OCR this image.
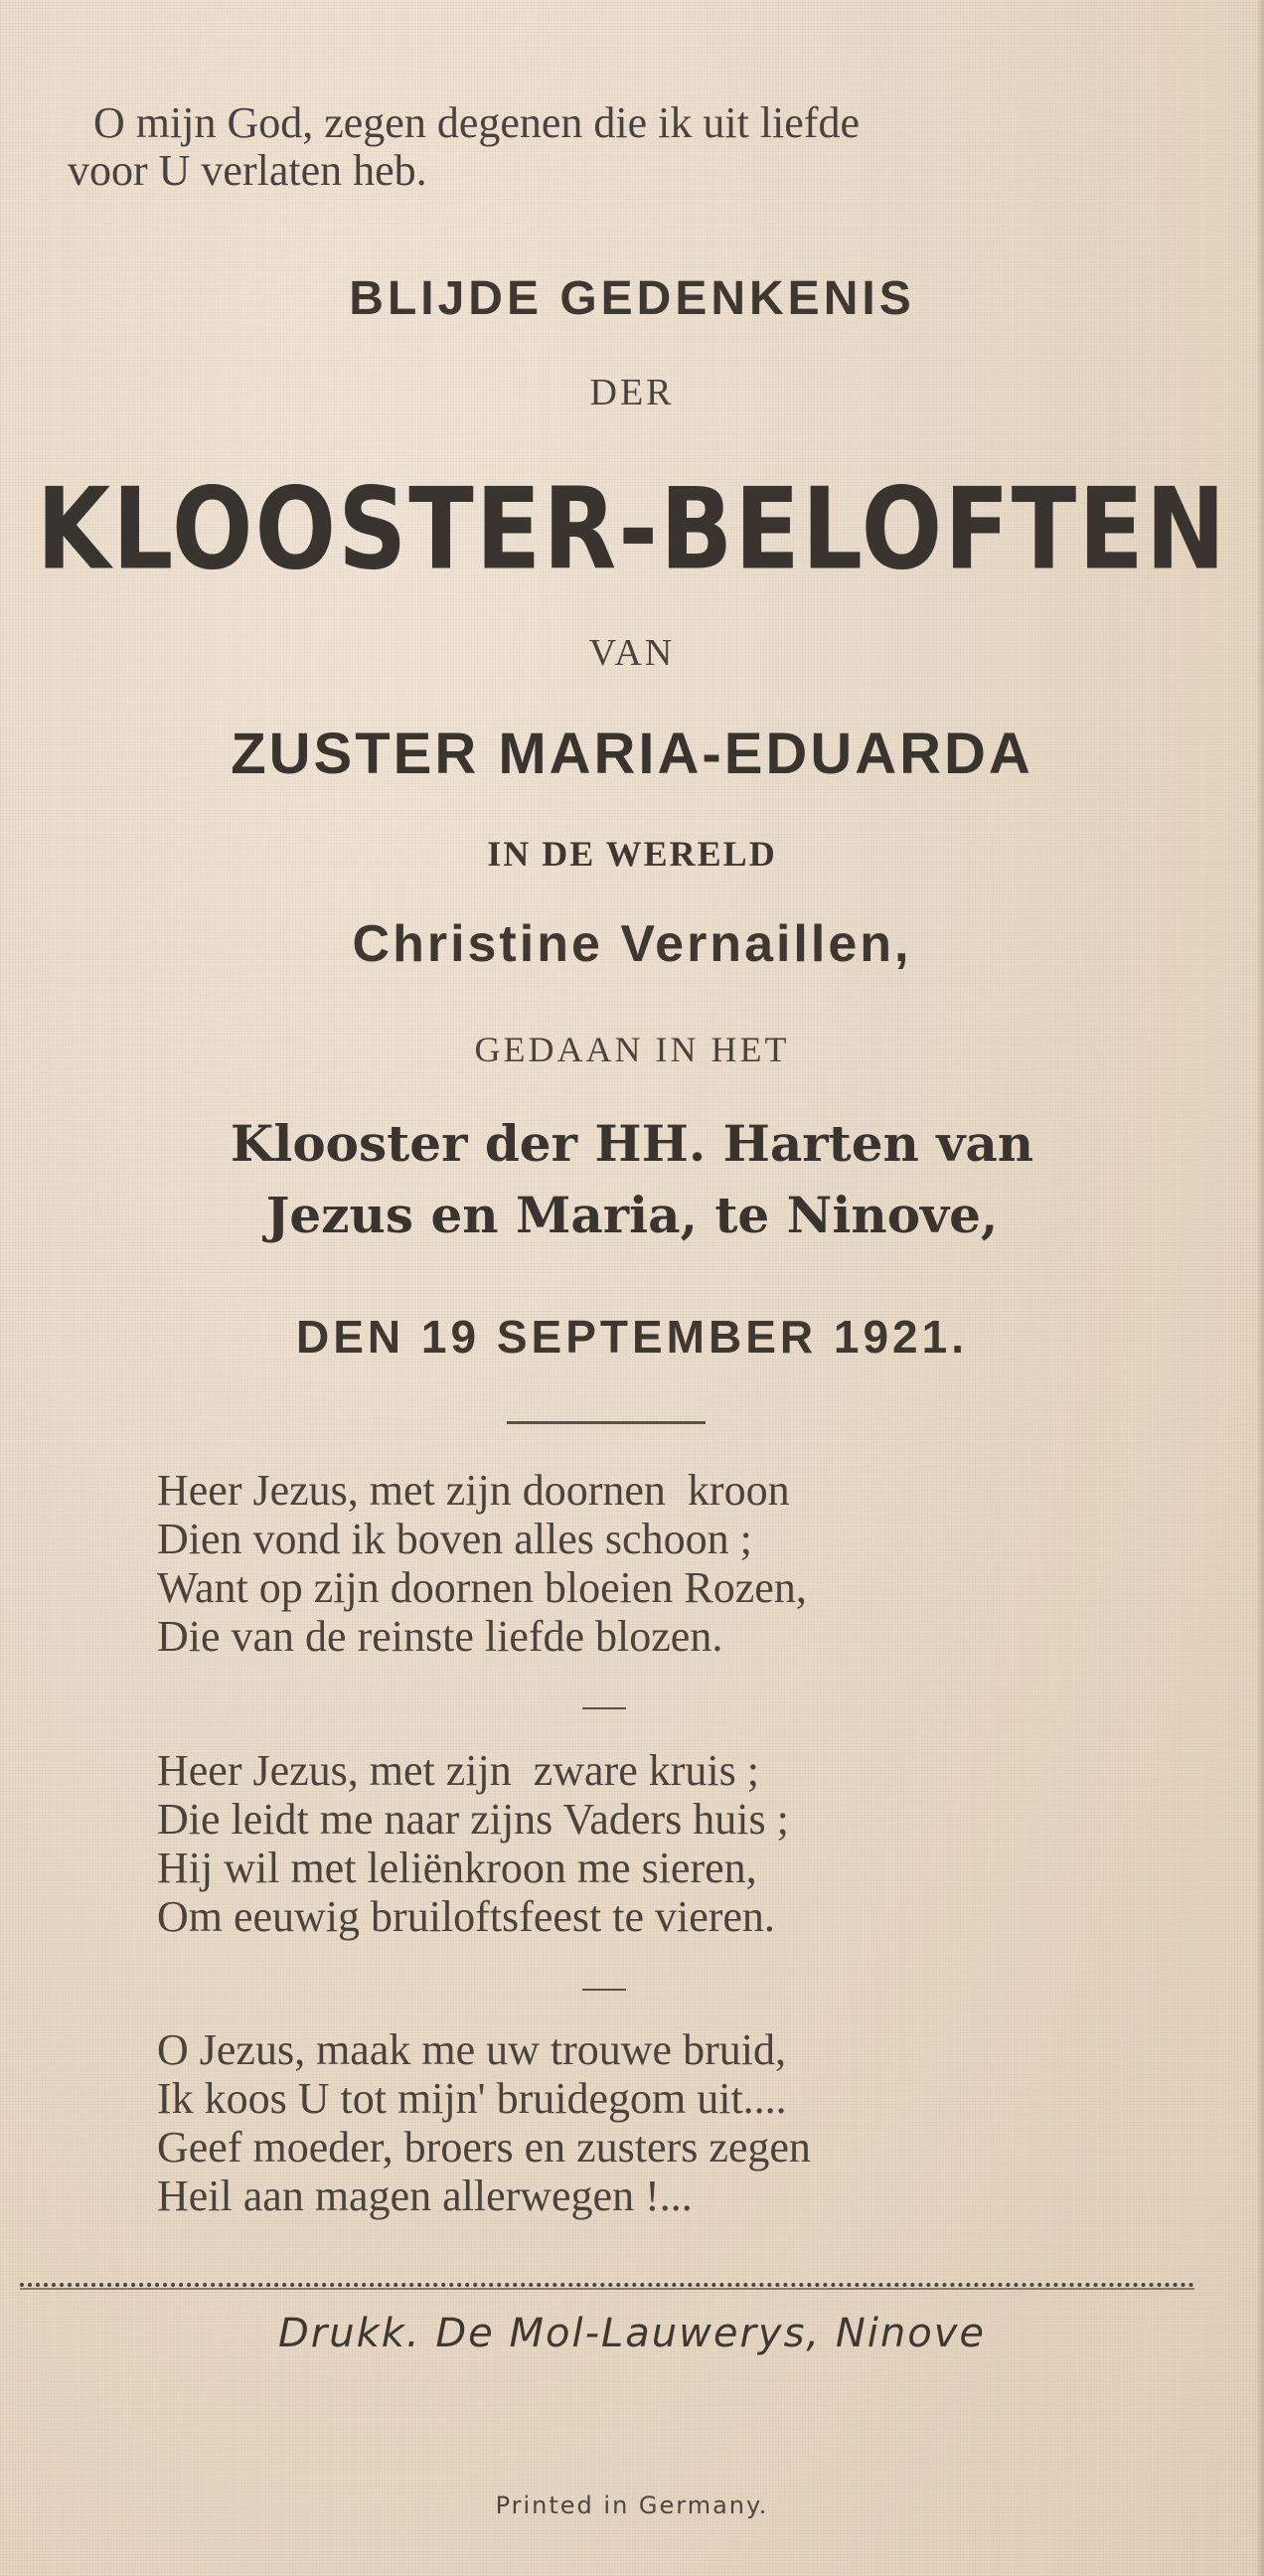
O mijn God, zegen degenen die ik uit liefde
voor U verlaten heb.

BLIJDE GEDENKENIS
DER
KLOOSTER-BELOFTEN
VAN
ZUSTER MARIA-EDUARDA
IN DE WERELD
Christine Vernaillen,
GEDAAN IN HET
Klooster der HH. Harten van
Jezus en Maria, te Ninove,
DEN 19 SEPTEMBER 1921.

Heer Jezus, met zijn doornen  kroon
Dien vond ik boven alles schoon ;
Want op zijn doornen bloeien Rozen,
Die van de reinste liefde blozen.

Heer Jezus, met zijn  zware kruis ;
Die leidt me naar zijns Vaders huis ;
Hij wil met leliënkroon me sieren,
Om eeuwig bruiloftsfeest te vieren.

O Jezus, maak me uw trouwe bruid,
Ik koos U tot mijn' bruidegom uit....
Geef moeder, broers en zusters zegen
Heil aan magen allerwegen !...

Drukk. De Mol-Lauwerys, Ninove
Printed in Germany.
